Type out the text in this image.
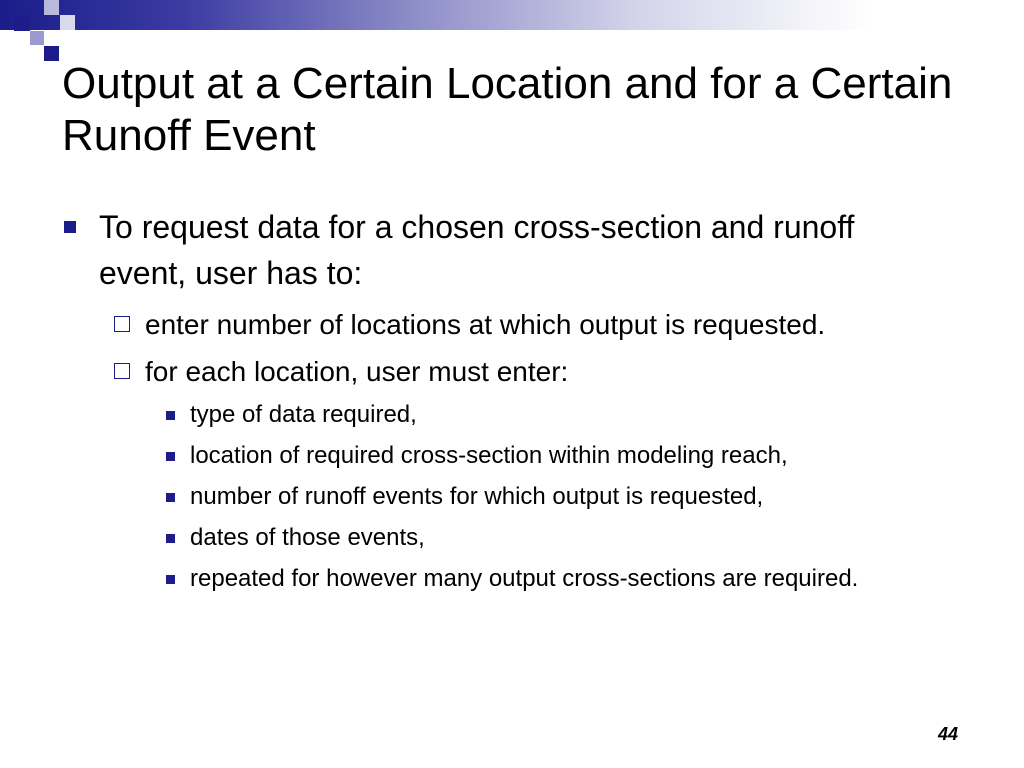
Output at a Certain Location and for a Certain Runoff Event
To request data for a chosen cross-section and runoff event, user has to:
enter number of locations at which output is requested.
for each location, user must enter:
type of data required,
location of required cross-section within modeling reach,
number of runoff events for which output is requested,
dates of those events,
repeated for however many output cross-sections are required.
44
